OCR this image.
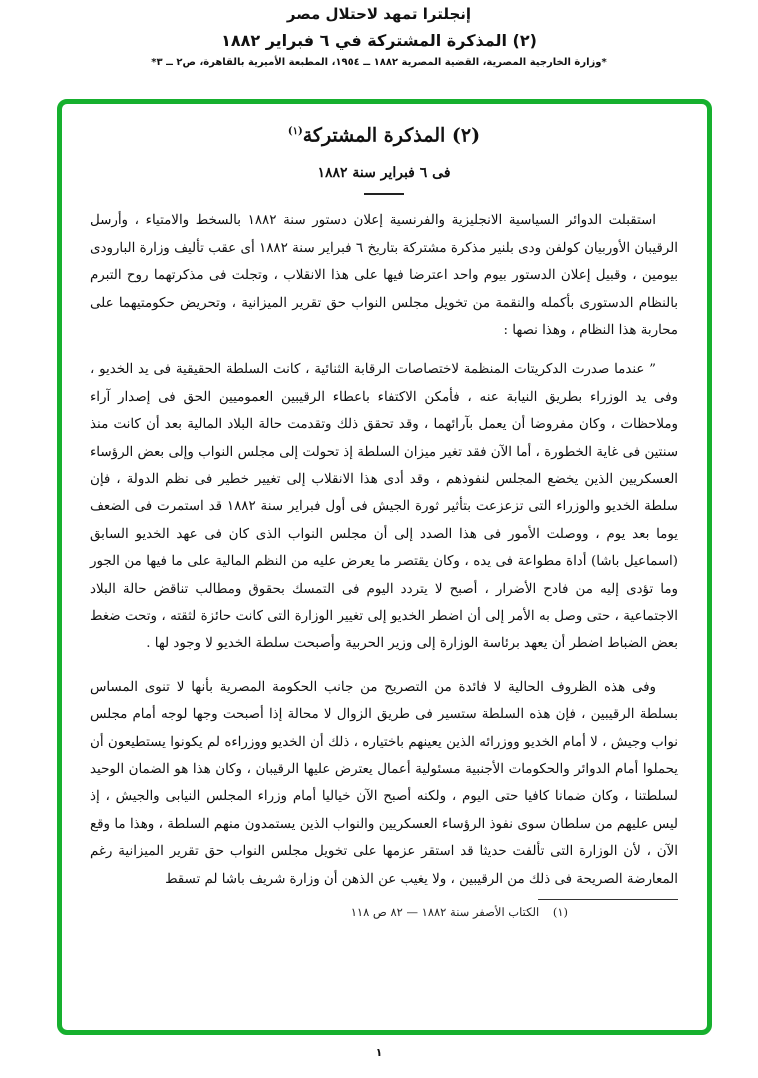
إنجلترا تمهد لاحتلال مصر
(٢) المذكرة المشتركة في ٦ فبراير ١٨٨٢
*وزارة الخارجية المصرية، القضية المصرية ١٨٨٢ ــ ١٩٥٤، المطبعة الأميرية بالقاهرة، ص٢ ــ ٣*
(٢) المذكرة المشتركة$^{(١)}$
فى ٦ فبراير سنة ١٨٨٢

استقبلت الدوائر السياسية الانجليزية والفرنسية إعلان دستور سنة ١٨٨٢ بالسخط والامتياء ، وأرسل الرقيبان الأوربيان كولفن ودى بلنير مذكرة مشتركة بتاريخ ٦ فبراير سنة ١٨٨٢ أى عقب تأليف وزارة البارودى بيومين ، وقبيل إعلان الدستور بيوم واحد اعترضا فيها على هذا الانقلاب ، وتجلت فى مذكرتهما روح التبرم بالنظام الدستورى بأكمله والنقمة من تخويل مجلس النواب حق تقرير الميزانية ، وتحريض حكومتيهما على محاربة هذا النظام ، وهذا نصها :

” عندما صدرت الدكريتات المنظمة لاختصاصات الرقابة الثنائية ، كانت السلطة الحقيقية فى يد الخديو ، وفى يد الوزراء بطريق النيابة عنه ، فأمكن الاكتفاء باعطاء الرقيبين العموميين الحق فى إصدار آراء وملاحظات ، وكان مفروضا أن يعمل بآرائهما ، وقد تحقق ذلك وتقدمت حالة البلاد المالية بعد أن كانت منذ سنتين فى غاية الخطورة ، أما الآن فقد تغير ميزان السلطة إذ تحولت إلى مجلس النواب وإلى بعض الرؤساء العسكريين الذين يخضع المجلس لنفوذهم ، وقد أدى هذا الانقلاب إلى تغيير خطير فى نظم الدولة ، فإن سلطة الخديو والوزراء التى تزعزعت بتأثير ثورة الجيش فى أول فبراير سنة ١٨٨٢ قد استمرت فى الضعف يوما بعد يوم ، ووصلت الأمور فى هذا الصدد إلى أن مجلس النواب الذى كان فى عهد الخديو السابق (اسماعيل باشا) أداة مطواعة فى يده ، وكان يقتصر ما يعرض عليه من النظم المالية على ما فيها من الجور وما تؤدى إليه من فادح الأضرار ، أصبح لا يتردد اليوم فى التمسك بحقوق ومطالب تناقض حالة البلاد الاجتماعية ، حتى وصل به الأمر إلى أن اضطر الخديو إلى تغيير الوزارة التى كانت حائزة لثقته ، وتحت ضغط بعض الضباط اضطر أن يعهد برئاسة الوزارة إلى وزير الحربية وأصبحت سلطة الخديو لا وجود لها .

وفى هذه الظروف الحالية لا فائدة من التصريح من جانب الحكومة المصرية بأنها لا تنوى المساس بسلطة الرقيبين ، فإن هذه السلطة ستسير فى طريق الزوال لا محالة إذا أصبحت وجها لوجه أمام مجلس نواب وجيش ، لا أمام الخديو ووزرائه الذين يعينهم باختياره ، ذلك أن الخديو ووزراءه لم يكونوا يستطيعون أن يحملوا أمام الدوائر والحكومات الأجنبية مسئولية أعمال يعترض عليها الرقيبان ، وكان هذا هو الضمان الوحيد لسلطتنا ، وكان ضمانا كافيا حتى اليوم ، ولكنه أصبح الآن خياليا أمام وزراء المجلس النيابى والجيش ، إذ ليس عليهم من سلطان سوى نفوذ الرؤساء العسكريين والنواب الذين يستمدون منهم السلطة ، وهذا ما وقع الآن ، لأن الوزارة التى تألفت حديثا قد استقر عزمها على تخويل مجلس النواب حق تقرير الميزانية رغم المعارضة الصريحة فى ذلك من الرقيبين ، ولا يغيب عن الذهن أن وزارة شريف باشا لم تسقط

(١) الكتاب الأصفر سنة ١٨٨٢ — ٨٢ ص ١١٨
١
